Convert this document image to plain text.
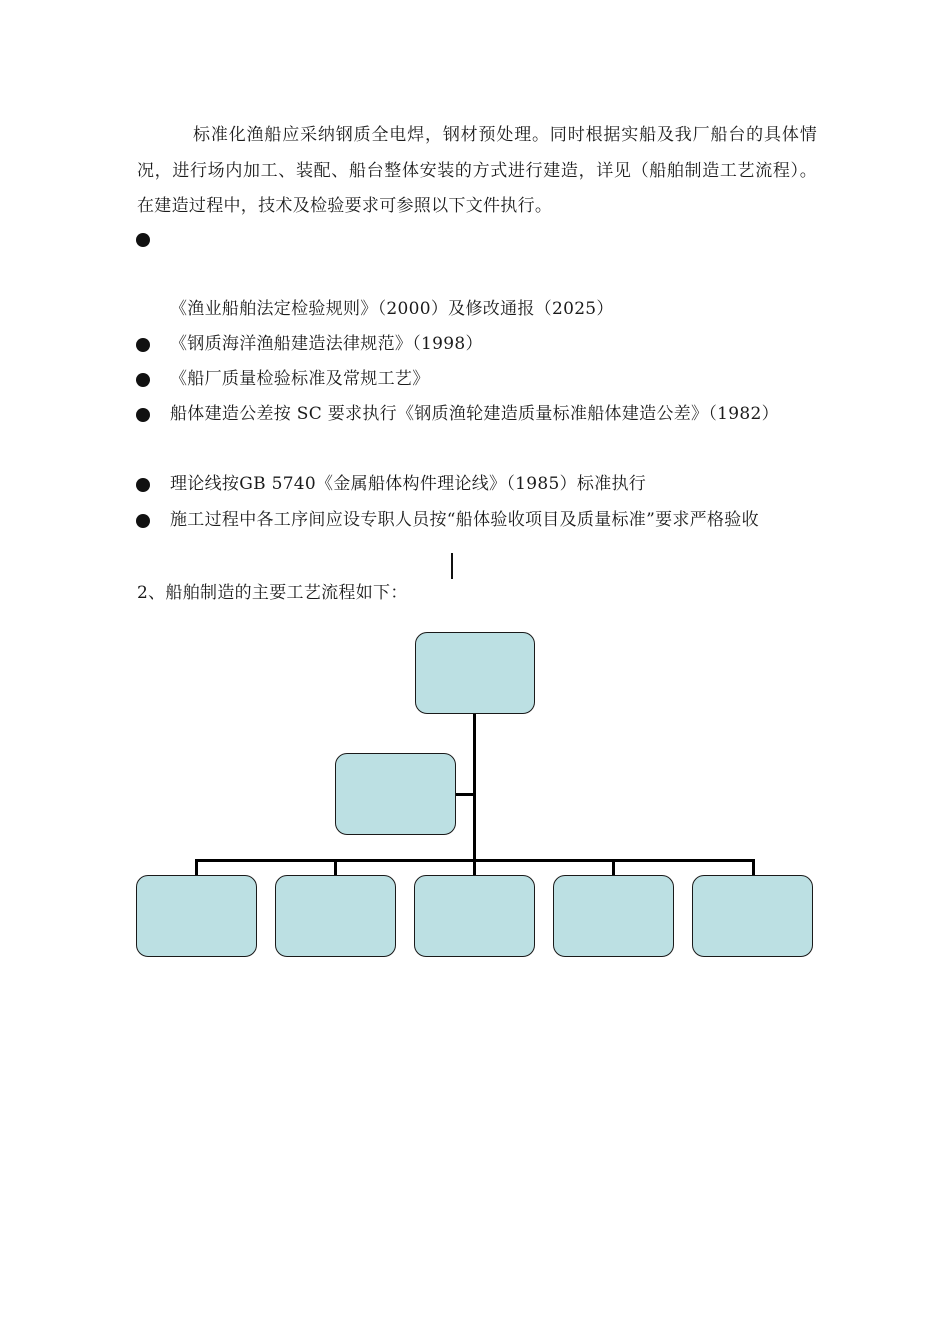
标准化渔船应采纳钢质全电焊，钢材预处理。同时根据实船及我厂船台的具体情况，进行场内加工、装配、船台整体安装的方式进行建造，详见（船舶制造工艺流程）。在建造过程中，技术及检验要求可参照以下文件执行。
《渔业船舶法定检验规则》（2000）及修改通报（2025）
《钢质海洋渔船建造法律规范》（1998）
《船厂质量检验标准及常规工艺》
船体建造公差按 SC 要求执行《钢质渔轮建造质量标准船体建造公差》（1982）
理论线按GB 5740《金属船体构件理论线》（1985）标准执行
施工过程中各工序间应设专职人员按“船体验收项目及质量标准”要求严格验收
2、船舶制造的主要工艺流程如下：
